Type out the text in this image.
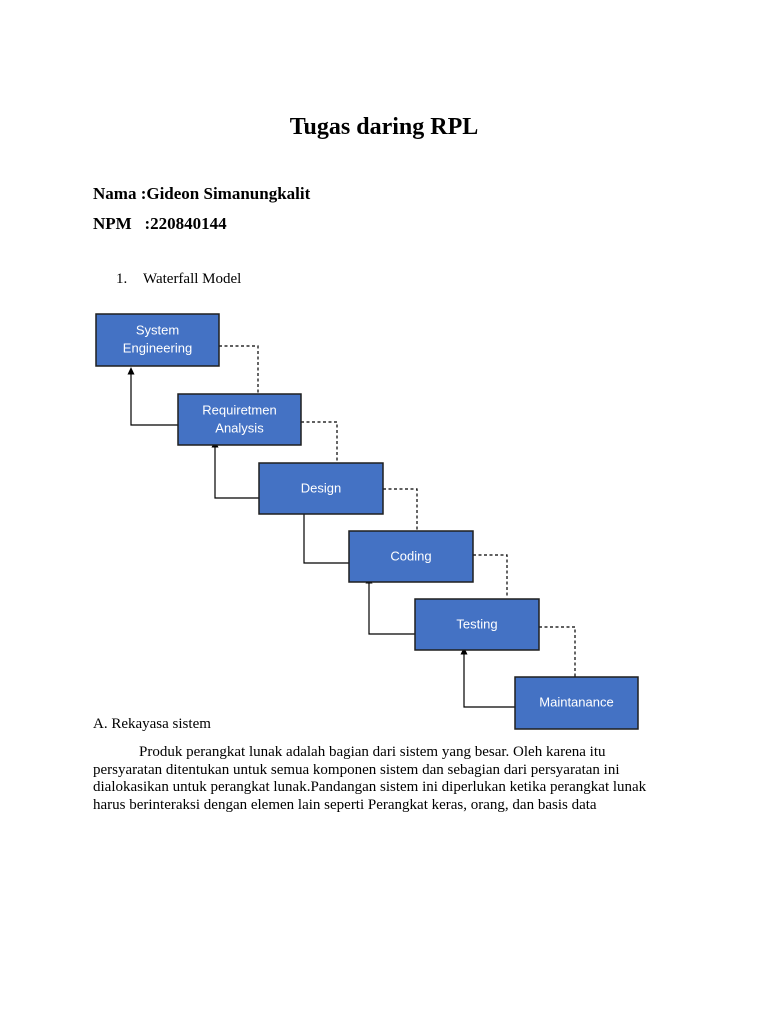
Tugas daring RPL
Nama :Gideon Simanungkalit
NPM   :220840144
1. Waterfall Model
System
Engineering
Requiretmen
Analysis
Design
Coding
Testing
Maintanance
A. Rekayasa sistem
Produk perangkat lunak adalah bagian dari sistem yang besar. Oleh karena itu persyaratan ditentukan untuk semua komponen sistem dan sebagian dari persyaratan ini dialokasikan untuk perangkat lunak.Pandangan sistem ini diperlukan ketika perangkat lunak harus berinteraksi dengan elemen lain seperti Perangkat keras, orang, dan basis data
